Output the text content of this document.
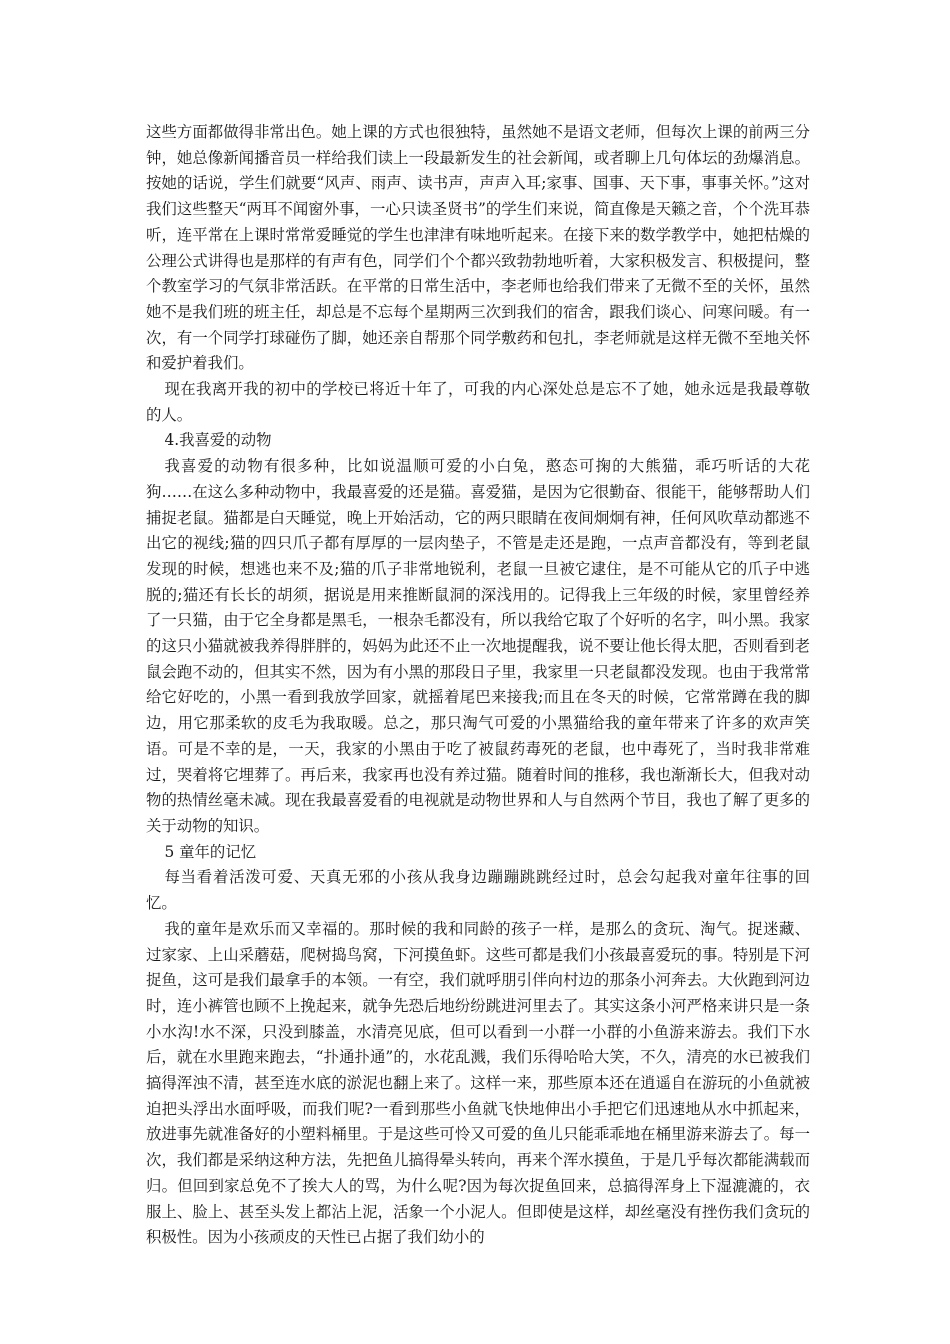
这些方面都做得非常出色。她上课的方式也很独特，虽然她不是语文老师，但每次上课的前两三分钟，她总像新闻播音员一样给我们读上一段最新发生的社会新闻，或者聊上几句体坛的劲爆消息。按她的话说，学生们就要“风声、雨声、读书声，声声入耳;家事、国事、天下事，事事关怀。”这对我们这些整天“两耳不闻窗外事，一心只读圣贤书”的学生们来说，简直像是天籁之音，个个洗耳恭听，连平常在上课时常常爱睡觉的学生也津津有味地听起来。在接下来的数学教学中，她把枯燥的公理公式讲得也是那样的有声有色，同学们个个都兴致勃勃地听着，大家积极发言、积极提问，整个教室学习的气氛非常活跃。在平常的日常生活中，李老师也给我们带来了无微不至的关怀，虽然她不是我们班的班主任，却总是不忘每个星期两三次到我们的宿舍，跟我们谈心、问寒问暖。有一次，有一个同学打球碰伤了脚，她还亲自帮那个同学敷药和包扎，李老师就是这样无微不至地关怀和爱护着我们。

现在我离开我的初中的学校已将近十年了，可我的内心深处总是忘不了她，她永远是我最尊敬的人。

4.我喜爱的动物

我喜爱的动物有很多种，比如说温顺可爱的小白兔，憨态可掬的大熊猫，乖巧听话的大花狗……在这么多种动物中，我最喜爱的还是猫。喜爱猫，是因为它很勤奋、很能干，能够帮助人们捕捉老鼠。猫都是白天睡觉，晚上开始活动，它的两只眼睛在夜间炯炯有神，任何风吹草动都逃不出它的视线;猫的四只爪子都有厚厚的一层肉垫子，不管是走还是跑，一点声音都没有，等到老鼠发现的时候，想逃也来不及;猫的爪子非常地锐利，老鼠一旦被它逮住，是不可能从它的爪子中逃脱的;猫还有长长的胡须，据说是用来推断鼠洞的深浅用的。记得我上三年级的时候，家里曾经养了一只猫，由于它全身都是黑毛，一根杂毛都没有，所以我给它取了个好听的名字，叫小黑。我家的这只小猫就被我养得胖胖的，妈妈为此还不止一次地提醒我，说不要让他长得太肥，否则看到老鼠会跑不动的，但其实不然，因为有小黑的那段日子里，我家里一只老鼠都没发现。也由于我常常给它好吃的，小黑一看到我放学回家，就摇着尾巴来接我;而且在冬天的时候，它常常蹲在我的脚边，用它那柔软的皮毛为我取暖。总之，那只淘气可爱的小黑猫给我的童年带来了许多的欢声笑语。可是不幸的是，一天，我家的小黑由于吃了被鼠药毒死的老鼠，也中毒死了，当时我非常难过，哭着将它埋葬了。再后来，我家再也没有养过猫。随着时间的推移，我也渐渐长大，但我对动物的热情丝毫未减。现在我最喜爱看的电视就是动物世界和人与自然两个节目，我也了解了更多的关于动物的知识。

5 童年的记忆

每当看着活泼可爱、天真无邪的小孩从我身边蹦蹦跳跳经过时，总会勾起我对童年往事的回忆。

我的童年是欢乐而又幸福的。那时候的我和同龄的孩子一样，是那么的贪玩、淘气。捉迷藏、过家家、上山采蘑菇，爬树捣鸟窝，下河摸鱼虾。这些可都是我们小孩最喜爱玩的事。特别是下河捉鱼，这可是我们最拿手的本领。一有空，我们就呼朋引伴向村边的那条小河奔去。大伙跑到河边时，连小裤管也顾不上挽起来，就争先恐后地纷纷跳进河里去了。其实这条小河严格来讲只是一条小水沟!水不深，只没到膝盖，水清亮见底，但可以看到一小群一小群的小鱼游来游去。我们下水后，就在水里跑来跑去，“扑通扑通”的，水花乱溅，我们乐得哈哈大笑，不久，清亮的水已被我们搞得浑浊不清，甚至连水底的淤泥也翻上来了。这样一来，那些原本还在逍遥自在游玩的小鱼就被迫把头浮出水面呼吸，而我们呢?一看到那些小鱼就飞快地伸出小手把它们迅速地从水中抓起来，放进事先就准备好的小塑料桶里。于是这些可怜又可爱的鱼儿只能乖乖地在桶里游来游去了。每一次，我们都是采纳这种方法，先把鱼儿搞得晕头转向，再来个浑水摸鱼，于是几乎每次都能满载而归。但回到家总免不了挨大人的骂，为什么呢?因为每次捉鱼回来，总搞得浑身上下湿漉漉的，衣服上、脸上、甚至头发上都沾上泥，活象一个小泥人。但即使是这样，却丝毫没有挫伤我们贪玩的积极性。因为小孩顽皮的天性已占据了我们幼小的
